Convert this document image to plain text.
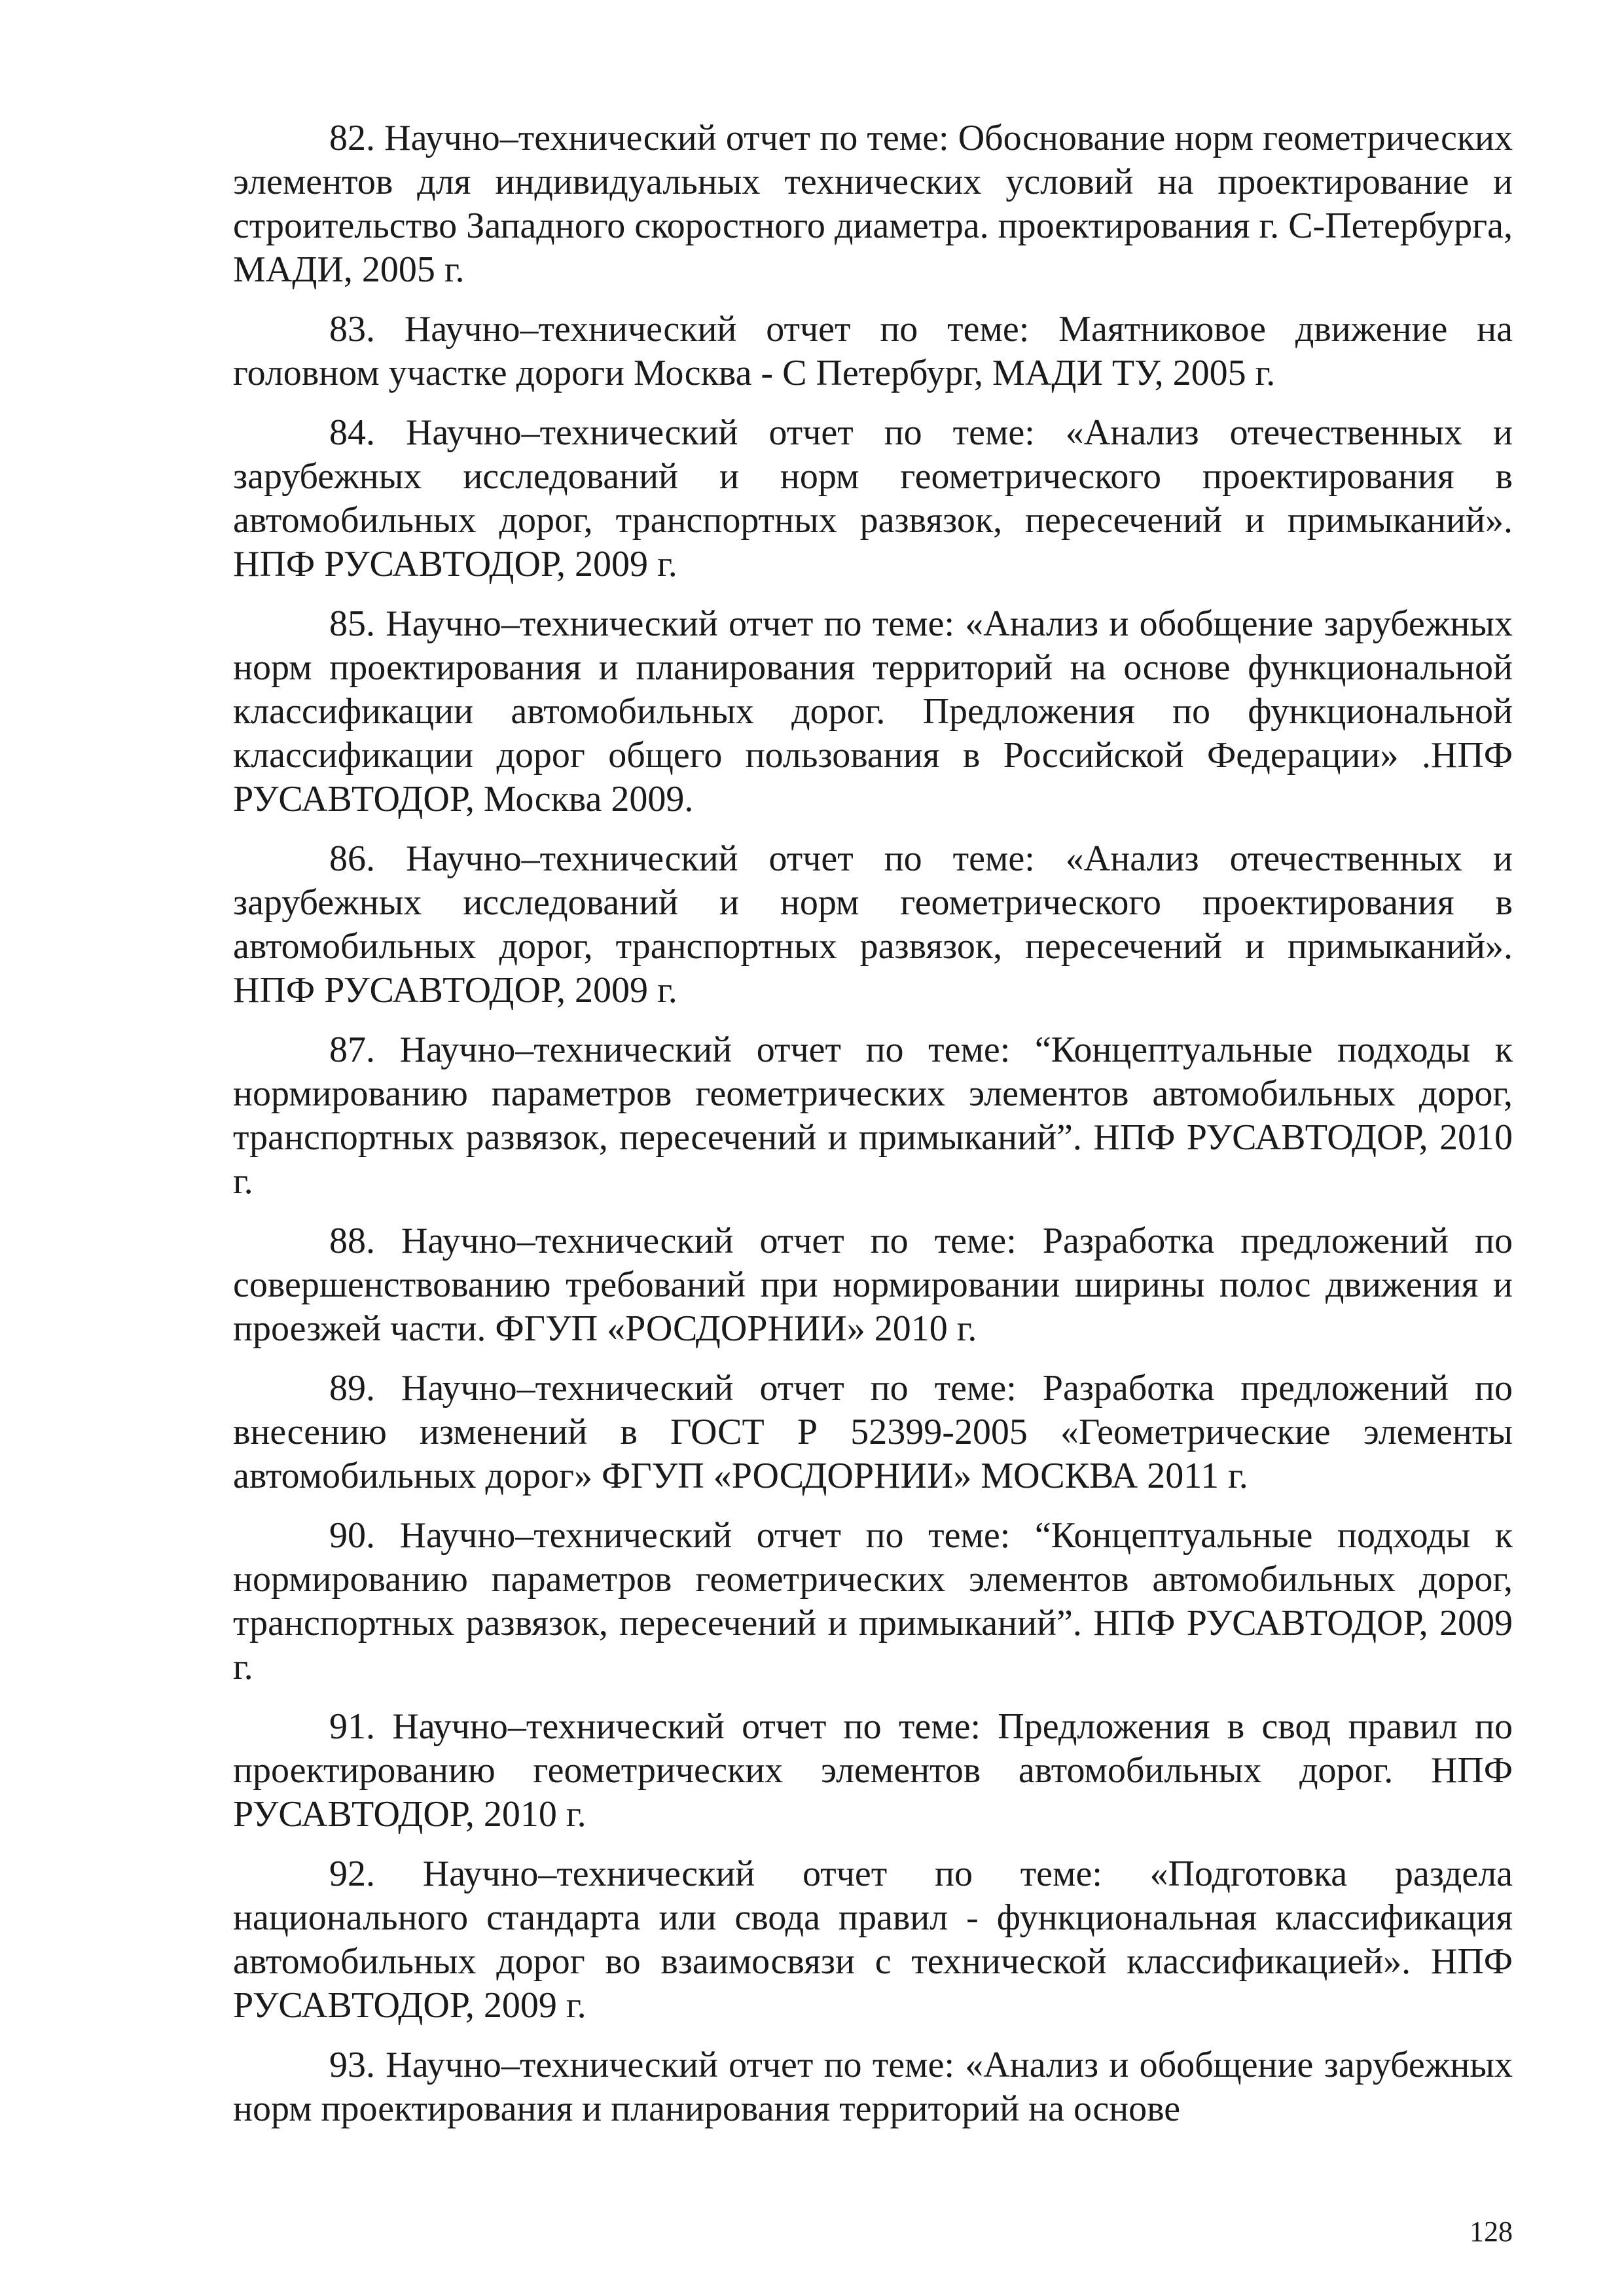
82. Научно–технический отчет по теме: Обоснование норм геометрических элементов для индивидуальных технических условий на проектирование и строительство Западного скоростного диаметра. проектирования г. С-Петербурга, МАДИ, 2005 г.

83. Научно–технический отчет по теме: Маятниковое движение на головном участке дороги Москва - С Петербург, МАДИ ТУ, 2005 г.

84. Научно–технический отчет по теме: «Анализ отечественных и зарубежных исследований и норм геометрического проектирования в автомобильных дорог, транспортных развязок, пересечений и примыканий». НПФ РУСАВТОДОР, 2009 г.

85. Научно–технический отчет по теме: «Анализ и обобщение зарубежных норм проектирования и планирования территорий на основе функциональной классификации автомобильных дорог. Предложения по функциональной классификации дорог общего пользования в Российской Федерации» .НПФ РУСАВТОДОР, Москва 2009.

86. Научно–технический отчет по теме: «Анализ отечественных и зарубежных исследований и норм геометрического проектирования в автомобильных дорог, транспортных развязок, пересечений и примыканий». НПФ РУСАВТОДОР, 2009 г.

87. Научно–технический отчет по теме: “Концептуальные подходы к нормированию параметров геометрических элементов автомобильных дорог, транспортных развязок, пересечений и примыканий”. НПФ РУСАВТОДОР, 2010 г.

88. Научно–технический отчет по теме: Разработка предложений по совершенствованию требований при нормировании ширины полос движения и проезжей части. ФГУП «РОСДОРНИИ» 2010 г.

89. Научно–технический отчет по теме: Разработка предложений по внесению изменений в ГОСТ Р 52399-2005 «Геометрические элементы автомобильных дорог» ФГУП «РОСДОРНИИ» МОСКВА 2011 г.

90. Научно–технический отчет по теме: “Концептуальные подходы к нормированию параметров геометрических элементов автомобильных дорог, транспортных развязок, пересечений и примыканий”. НПФ РУСАВТОДОР, 2009 г.

91. Научно–технический отчет по теме: Предложения в свод правил по проектированию геометрических элементов автомобильных дорог. НПФ РУСАВТОДОР, 2010 г.

92. Научно–технический отчет по теме: «Подготовка раздела национального стандарта или свода правил - функциональная классификация автомобильных дорог во взаимосвязи с технической классификацией». НПФ РУСАВТОДОР, 2009 г.

93. Научно–технический отчет по теме: «Анализ и обобщение зарубежных норм проектирования и планирования территорий на основе

128
